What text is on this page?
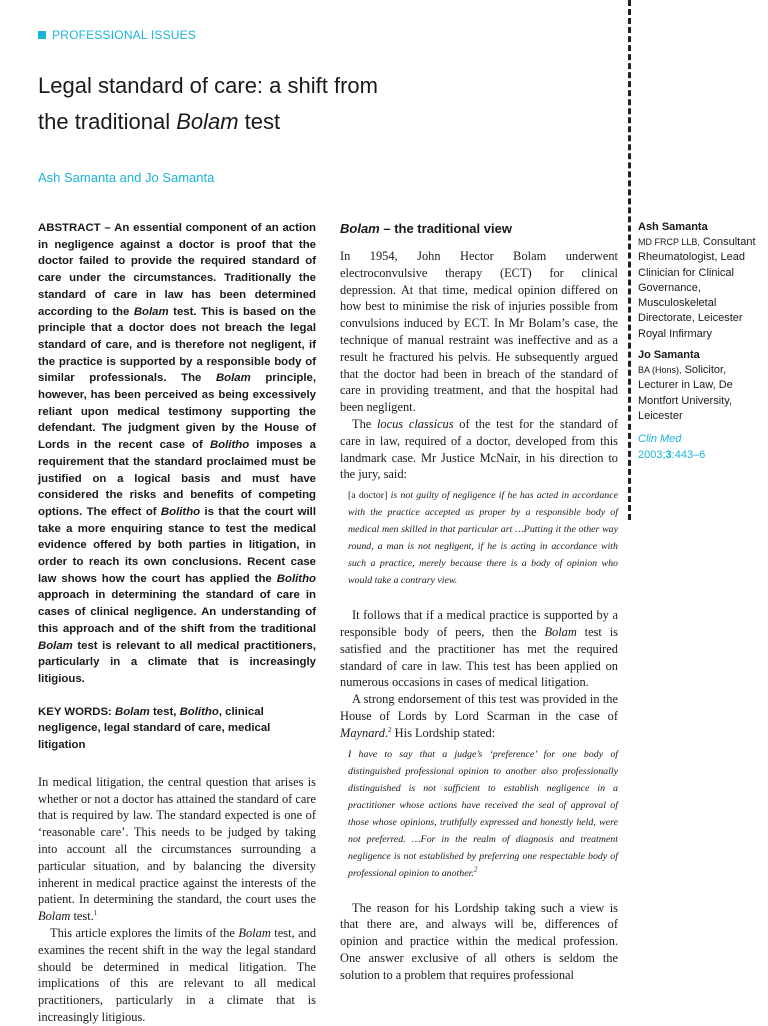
PROFESSIONAL ISSUES
Legal standard of care: a shift from
the traditional Bolam test
Ash Samanta and Jo Samanta

ABSTRACT – An essential component of an action in negligence against a doctor is proof that the doctor failed to provide the required standard of care under the circumstances. Traditionally the standard of care in law has been determined according to the Bolam test. This is based on the principle that a doctor does not breach the legal standard of care, and is therefore not negligent, if the practice is supported by a responsible body of similar professionals. The Bolam principle, however, has been perceived as being excessively reliant upon medical testimony supporting the defendant. The judgment given by the House of Lords in the recent case of Bolitho imposes a requirement that the standard proclaimed must be justified on a logical basis and must have considered the risks and benefits of competing options. The effect of Bolitho is that the court will take a more enquiring stance to test the medical evidence offered by both parties in litigation, in order to reach its own conclusions. Recent case law shows how the court has applied the Bolitho approach in determining the standard of care in cases of clinical negligence. An understanding of this approach and of the shift from the traditional Bolam test is relevant to all medical practitioners, particularly in a climate that is increasingly litigious.

KEY WORDS: Bolam test, Bolitho, clinical negligence, legal standard of care, medical litigation

In medical litigation, the central question that arises is whether or not a doctor has attained the standard of care that is required by law. The standard expected is one of ‘reasonable care’. This needs to be judged by taking into account all the circumstances surrounding a particular situation, and by balancing the diversity inherent in medical practice against the interests of the patient. In determining the standard, the court uses the Bolam test.$^1$

This article explores the limits of the Bolam test, and examines the recent shift in the way the legal standard should be determined in medical litigation. The implications of this are relevant to all medical practitioners, particularly in a climate that is increasingly litigious.

Bolam – the traditional view

In 1954, John Hector Bolam underwent electroconvulsive therapy (ECT) for clinical depression. At that time, medical opinion differed on how best to minimise the risk of injuries possible from convulsions induced by ECT. In Mr Bolam’s case, the technique of manual restraint was ineffective and as a result he fractured his pelvis. He subsequently argued that the doctor had been in breach of the standard of care in providing treatment, and that the hospital had been negligent.

The locus classicus of the test for the standard of care in law, required of a doctor, developed from this landmark case. Mr Justice McNair, in his direction to the jury, said:

[a doctor] is not guilty of negligence if he has acted in accordance with the practice accepted as proper by a responsible body of medical men skilled in that particular art …Putting it the other way round, a man is not negligent, if he is acting in accordance with such a practice, merely because there is a body of opinion who would take a contrary view.

It follows that if a medical practice is supported by a responsible body of peers, then the Bolam test is satisfied and the practitioner has met the required standard of care in law. This test has been applied on numerous occasions in cases of medical litigation.

A strong endorsement of this test was provided in the House of Lords by Lord Scarman in the case of Maynard.$^2$ His Lordship stated:

I have to say that a judge’s ‘preference’ for one body of distinguished professional opinion to another also professionally distinguished is not sufficient to establish negligence in a practitioner whose actions have received the seal of approval of those whose opinions, truthfully expressed and honestly held, were not preferred. …For in the realm of diagnosis and treatment negligence is not established by preferring one respectable body of professional opinion to another.$^2$

The reason for his Lordship taking such a view is that there are, and always will be, differences of opinion and practice within the medical profession. One answer exclusive of all others is seldom the solution to a problem that requires professional

Ash Samanta

MD FRCP LLB, Consultant Rheumatologist, Lead Clinician for Clinical Governance, Musculoskeletal Directorate, Leicester Royal Infirmary

Jo Samanta

BA (Hons), Solicitor, Lecturer in Law, De Montfort University, Leicester

Clin Med
2003;3:443–6
